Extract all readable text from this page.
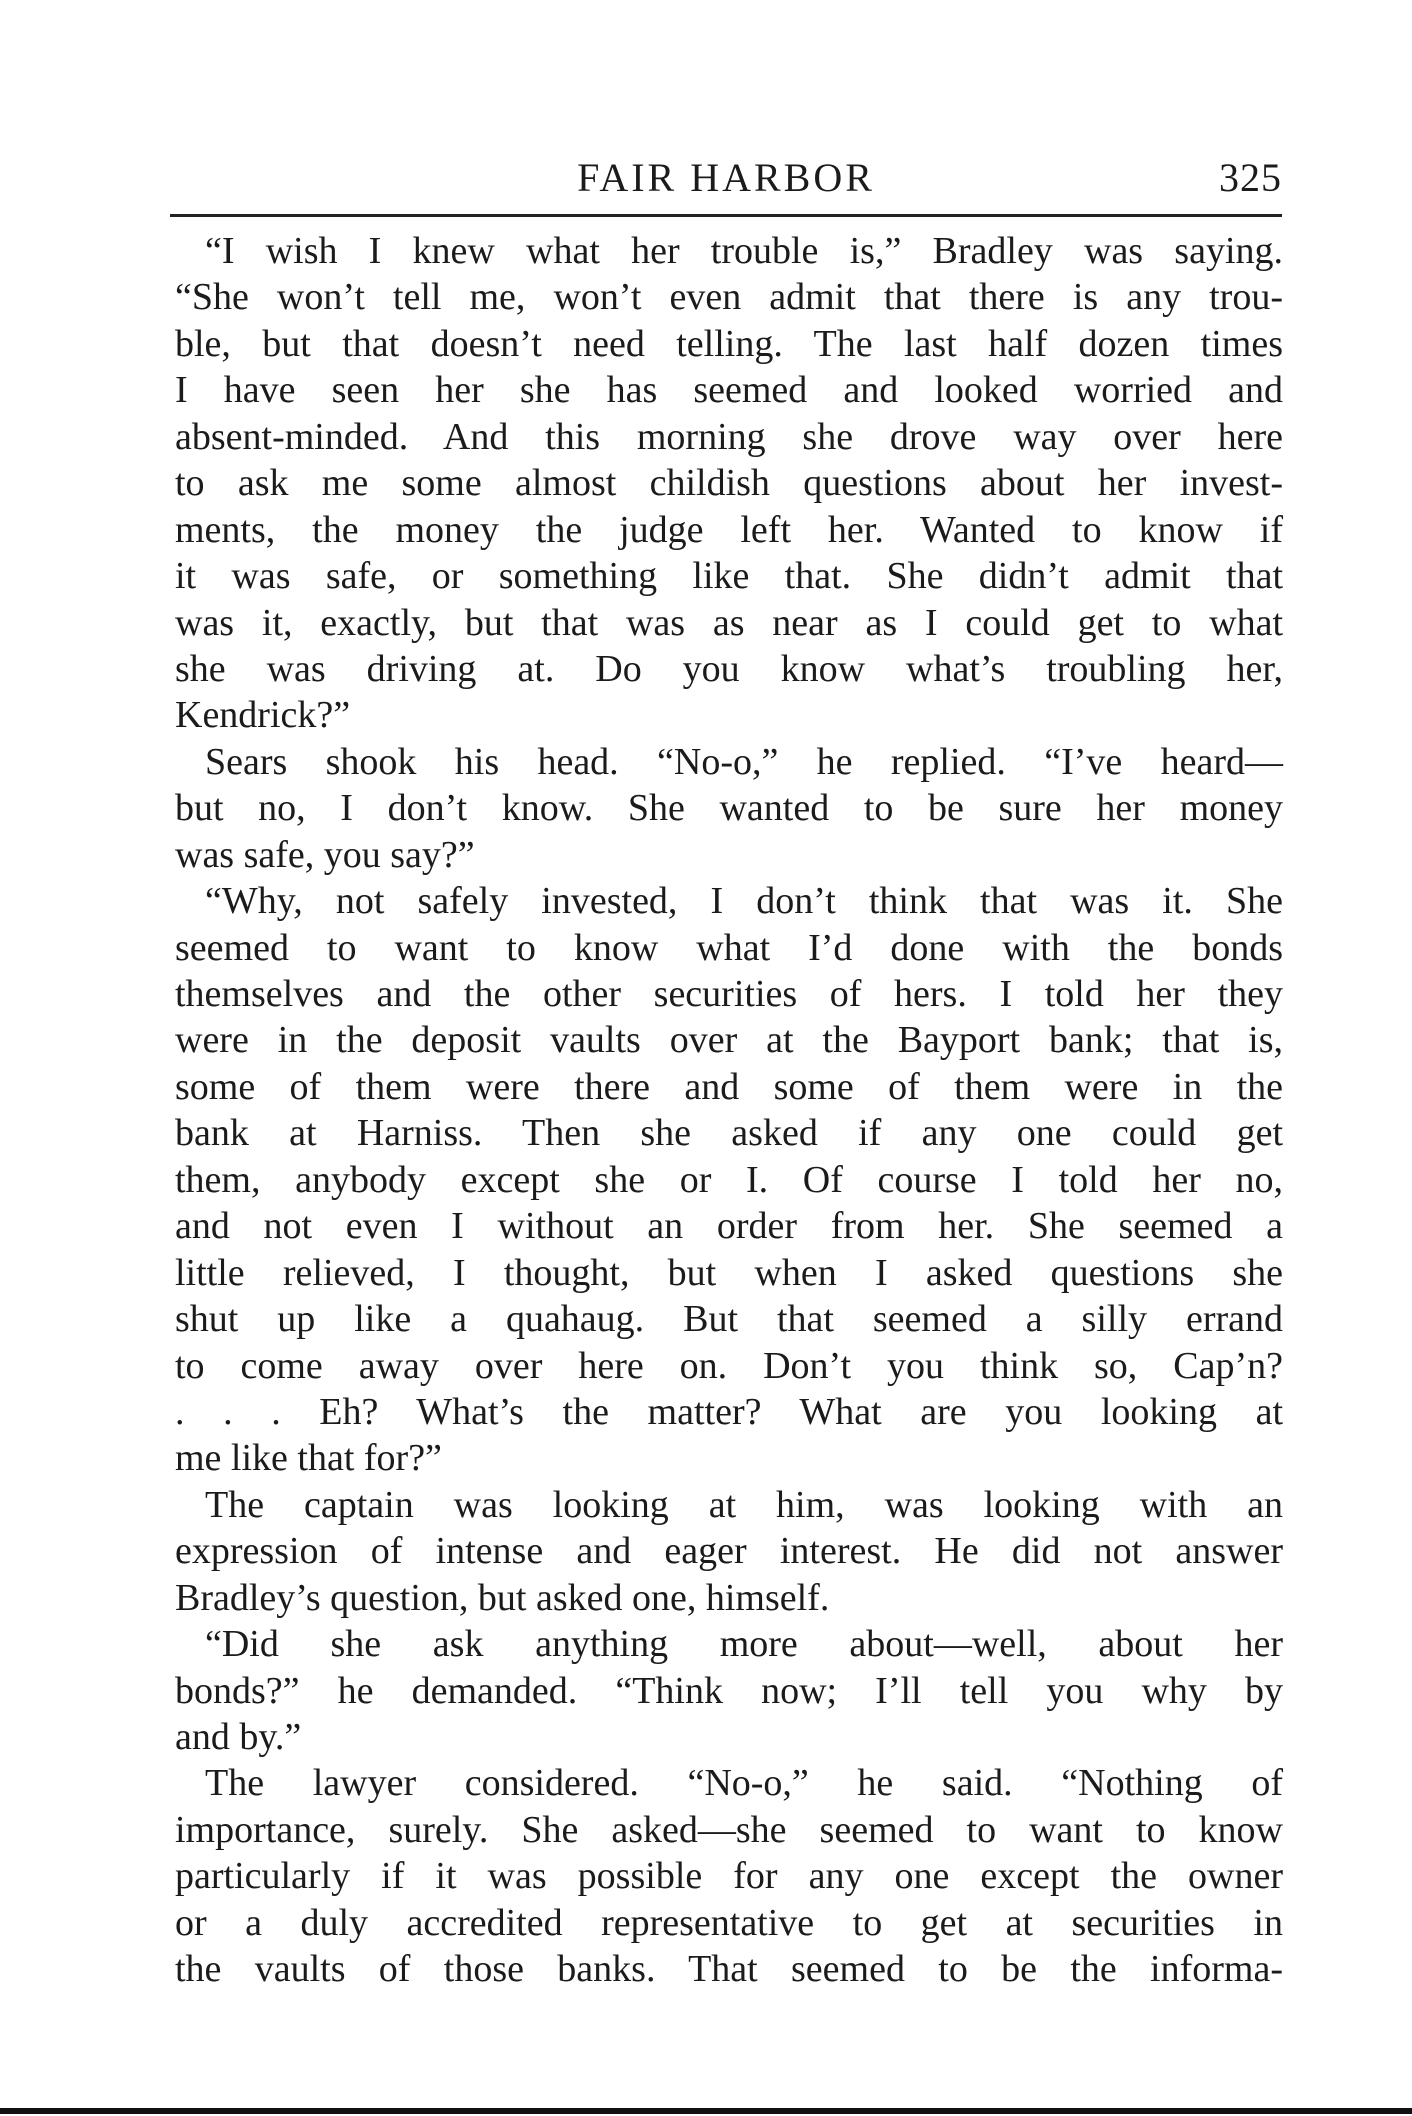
FAIR HARBOR	325
“I wish I knew what her trouble is,” Bradley was saying.
“She won’t tell me, won’t even admit that there is any trou-
ble, but that doesn’t need telling. The last half dozen times
I have seen her she has seemed and looked worried and
absent-minded. And this morning she drove way over here
to ask me some almost childish questions about her invest-
ments, the money the judge left her. Wanted to know if
it was safe, or something like that. She didn’t admit that
was it, exactly, but that was as near as I could get to what
she was driving at. Do you know what’s troubling her,
Kendrick?”
Sears shook his head. “No-o,” he replied. “I’ve heard—
but no, I don’t know. She wanted to be sure her money
was safe, you say?”
“Why, not safely invested, I don’t think that was it. She
seemed to want to know what I’d done with the bonds
themselves and the other securities of hers. I told her they
were in the deposit vaults over at the Bayport bank; that is,
some of them were there and some of them were in the
bank at Harniss. Then she asked if any one could get
them, anybody except she or I. Of course I told her no,
and not even I without an order from her. She seemed a
little relieved, I thought, but when I asked questions she
shut up like a quahaug. But that seemed a silly errand
to come away over here on. Don’t you think so, Cap’n?
. . . Eh? What’s the matter? What are you looking at
me like that for?”
The captain was looking at him, was looking with an
expression of intense and eager interest. He did not answer
Bradley’s question, but asked one, himself.
“Did she ask anything more about—well, about her
bonds?” he demanded. “Think now; I’ll tell you why by
and by.”
The lawyer considered. “No-o,” he said. “Nothing of
importance, surely. She asked—she seemed to want to know
particularly if it was possible for any one except the owner
or a duly accredited representative to get at securities in
the vaults of those banks. That seemed to be the informa-
